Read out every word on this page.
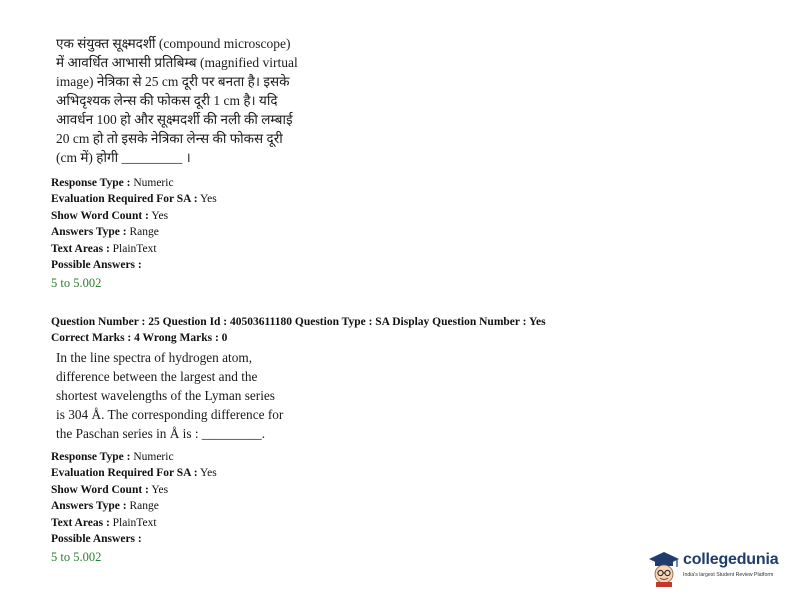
एक संयुक्त सूक्ष्मदर्शी (compound microscope)
में आवर्धित आभासी प्रतिबिम्ब (magnified virtual
image) नेत्रिका से 25 cm दूरी पर बनता है। इसके
अभिदृश्यक लेन्स की फोकस दूरी 1 cm है। यदि
आवर्धन 100 हो और सूक्ष्मदर्शी की नली की लम्बाई
20 cm हो तो इसके नेत्रिका लेन्स की फोकस दूरी
(cm में) होगी _________ ।
Response Type : Numeric
Evaluation Required For SA : Yes
Show Word Count : Yes
Answers Type : Range
Text Areas : PlainText
Possible Answers :
5 to 5.002
Question Number : 25 Question Id : 40503611180 Question Type : SA Display Question Number : Yes
Correct Marks : 4 Wrong Marks : 0
In the line spectra of hydrogen atom,
difference between the largest and the
shortest wavelengths of the Lyman series
is 304 Å. The corresponding difference for
the Paschan series in Å is : _________.
Response Type : Numeric
Evaluation Required For SA : Yes
Show Word Count : Yes
Answers Type : Range
Text Areas : PlainText
Possible Answers :
5 to 5.002	collegedunia
India's largest Student Review Platform
